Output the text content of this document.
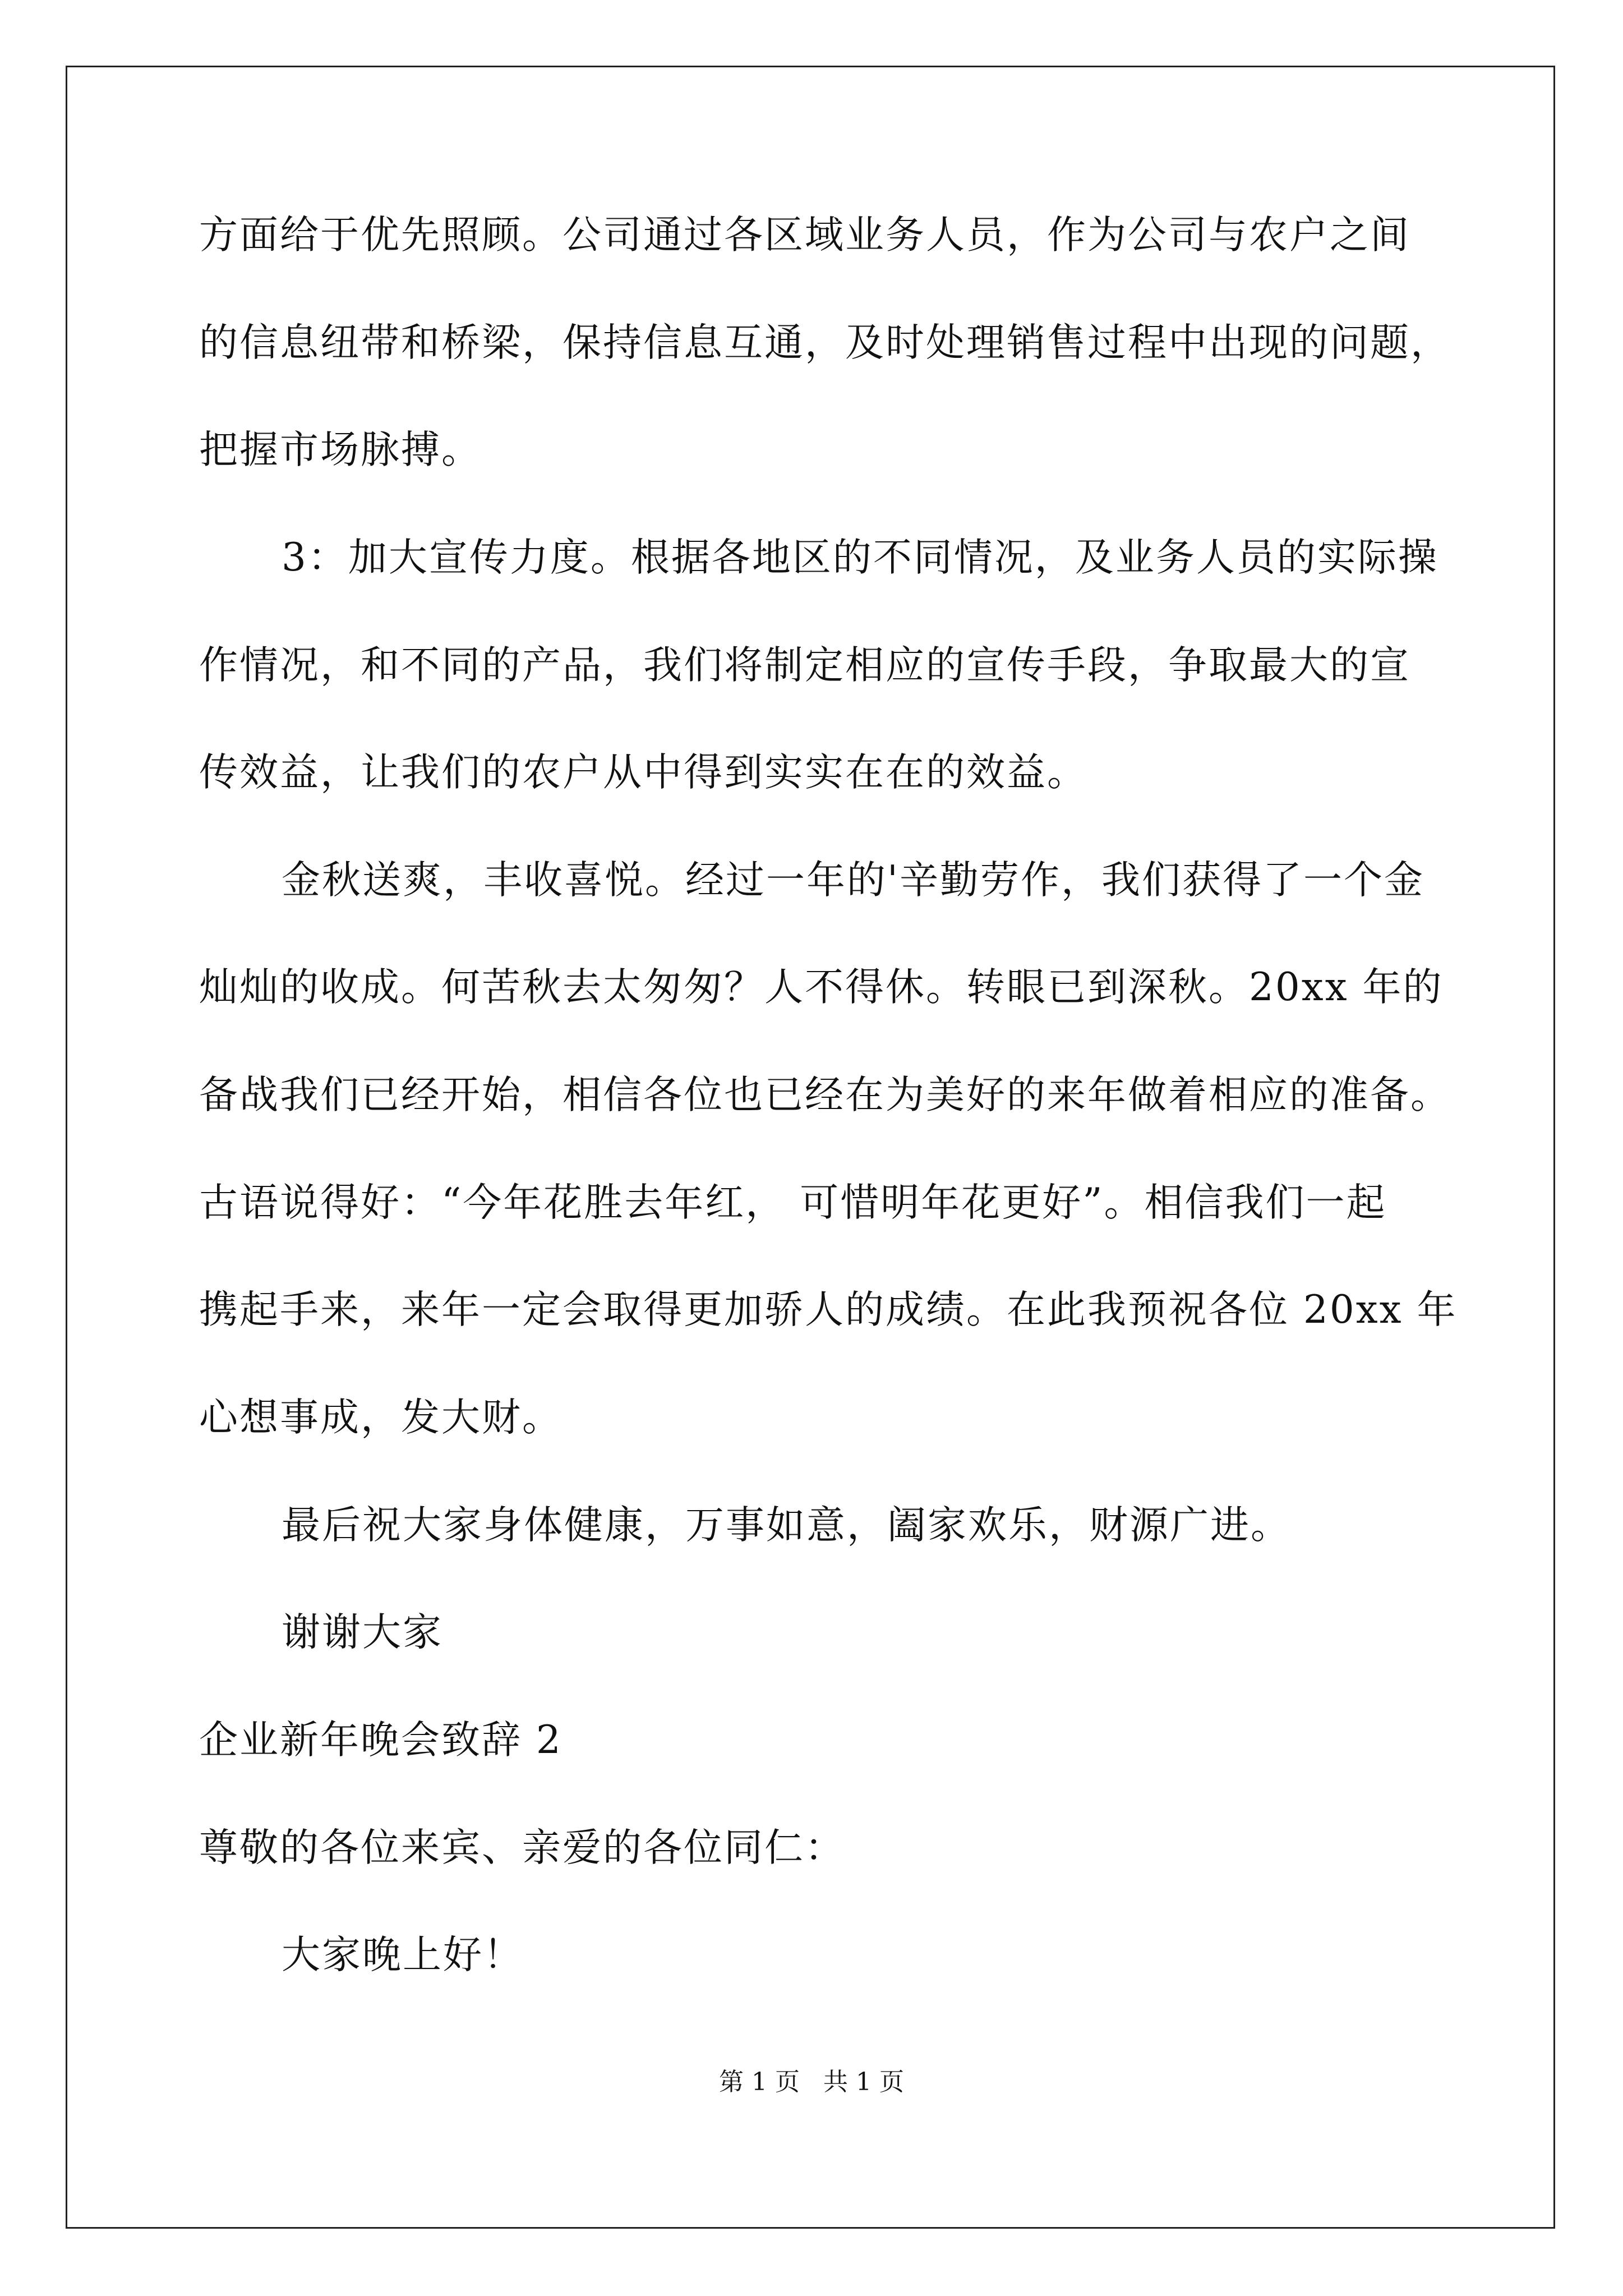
方面给于优先照顾。公司通过各区域业务人员，作为公司与农户之间
的信息纽带和桥梁，保持信息互通，及时处理销售过程中出现的问题，
把握市场脉搏。
3：加大宣传力度。根据各地区的不同情况，及业务人员的实际操
作情况，和不同的产品，我们将制定相应的宣传手段，争取最大的宣
传效益，让我们的农户从中得到实实在在的效益。
金秋送爽，丰收喜悦。经过一年的'辛勤劳作，我们获得了一个金
灿灿的收成。何苦秋去太匆匆？人不得休。转眼已到深秋。20xx 年的
备战我们已经开始，相信各位也已经在为美好的来年做着相应的准备。
古语说得好：“今年花胜去年红， 可惜明年花更好”。相信我们一起
携起手来，来年一定会取得更加骄人的成绩。在此我预祝各位 20xx 年
心想事成，发大财。
最后祝大家身体健康，万事如意，阖家欢乐，财源广进。
谢谢大家
企业新年晚会致辞 2
尊敬的各位来宾、亲爱的各位同仁：
大家晚上好！
第 1 页   共 1 页
